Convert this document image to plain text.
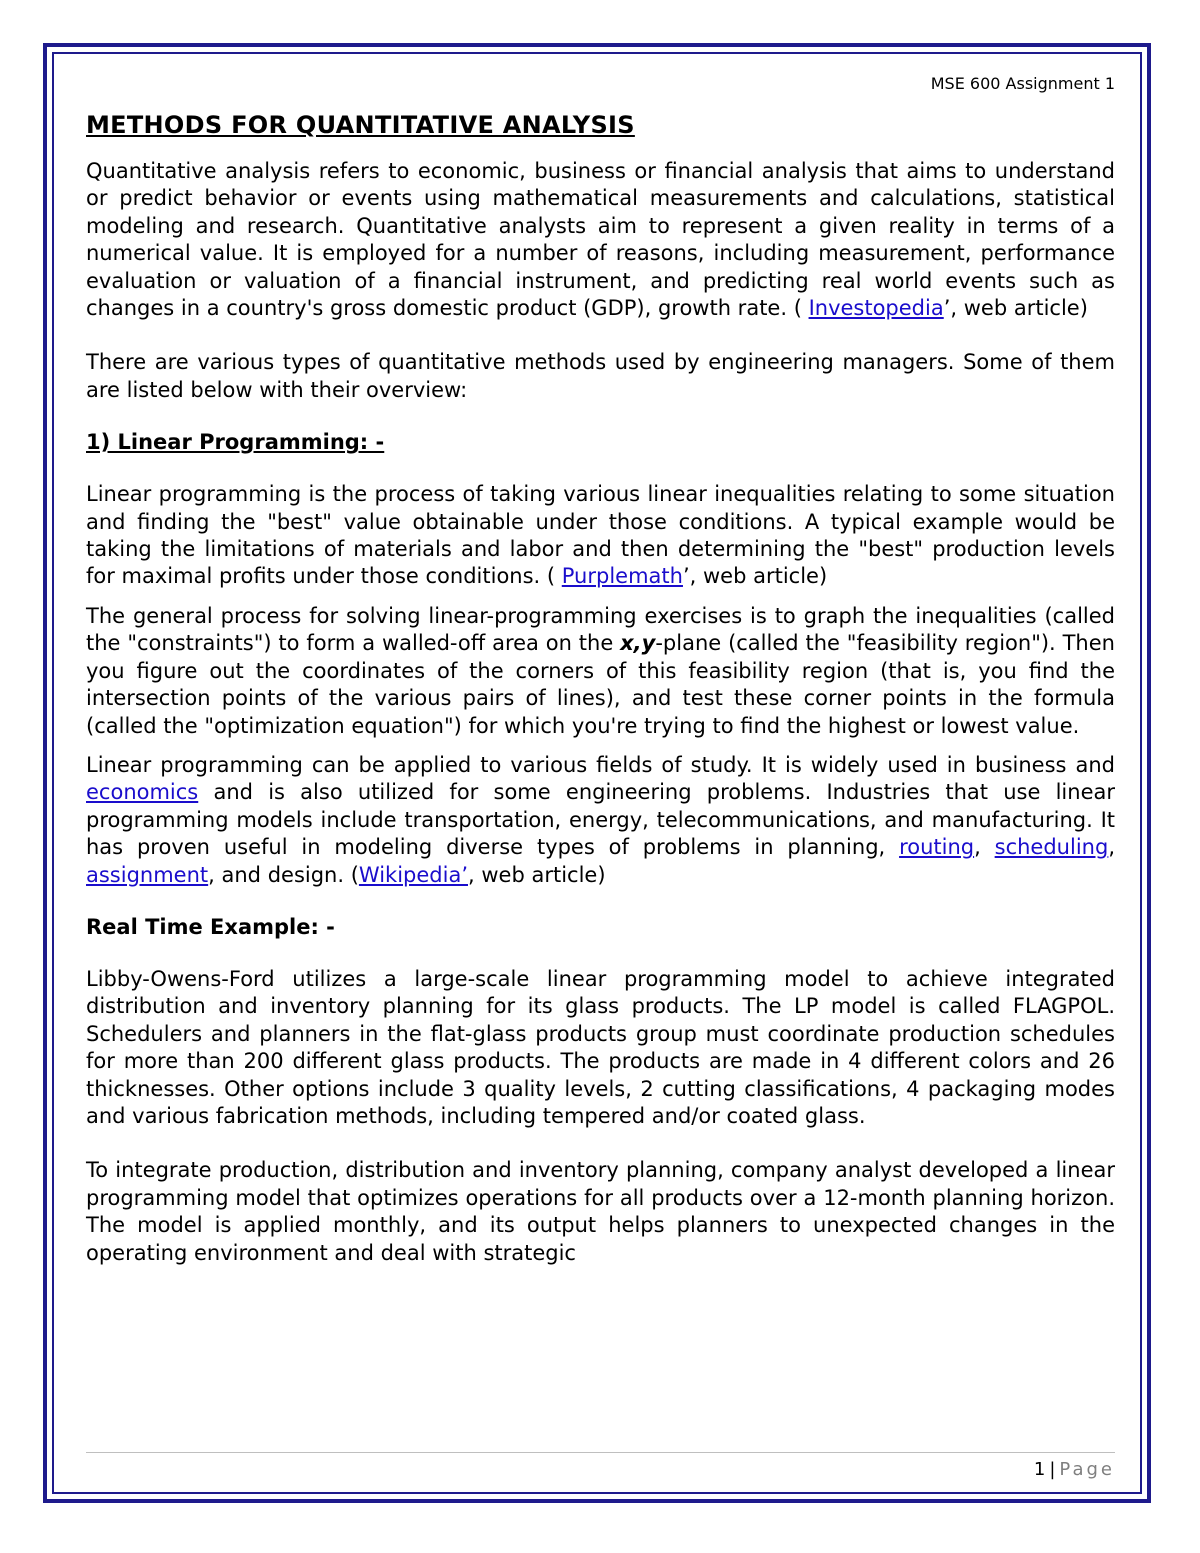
MSE 600 Assignment 1
METHODS FOR QUANTITATIVE ANALYSIS

Quantitative analysis refers to economic, business or financial analysis that aims to understand or predict behavior or events using mathematical measurements and calculations, statistical modeling and research. Quantitative analysts aim to represent a given reality in terms of a numerical value. It is employed for a number of reasons, including measurement, performance evaluation or valuation of a financial instrument, and predicting real world events such as changes in a country's gross domestic product (GDP), growth rate. ( Investopedia’, web article)

There are various types of quantitative methods used by engineering managers. Some of them are listed below with their overview:

1) Linear Programming: -

Linear programming is the process of taking various linear inequalities relating to some situation and finding the "best" value obtainable under those conditions. A typical example would be taking the limitations of materials and labor and then determining the "best" production levels for maximal profits under those conditions. ( Purplemath’, web article)

The general process for solving linear-programming exercises is to graph the inequalities (called the "constraints") to form a walled-off area on the x,y-plane (called the "feasibility region"). Then you figure out the coordinates of the corners of this feasibility region (that is, you find the intersection points of the various pairs of lines), and test these corner points in the formula (called the "optimization equation") for which you're trying to find the highest or lowest value.

Linear programming can be applied to various fields of study. It is widely used in business and economics and is also utilized for some engineering problems. Industries that use linear programming models include transportation, energy, telecommunications, and manufacturing. It has proven useful in modeling diverse types of problems in planning, routing, scheduling, assignment, and design. (Wikipedia’, web article)

Real Time Example: -

Libby-Owens-Ford utilizes a large-scale linear programming model to achieve integrated distribution and inventory planning for its glass products. The LP model is called FLAGPOL. Schedulers and planners in the flat-glass products group must coordinate production schedules for more than 200 different glass products. The products are made in 4 different colors and 26 thicknesses. Other options include 3 quality levels, 2 cutting classifications, 4 packaging modes and various fabrication methods, including tempered and/or coated glass.

To integrate production, distribution and inventory planning, company analyst developed a linear programming model that optimizes operations for all products over a 12-month planning horizon. The model is applied monthly, and its output helps planners to unexpected changes in the operating environment and deal with strategic

1 | Page
